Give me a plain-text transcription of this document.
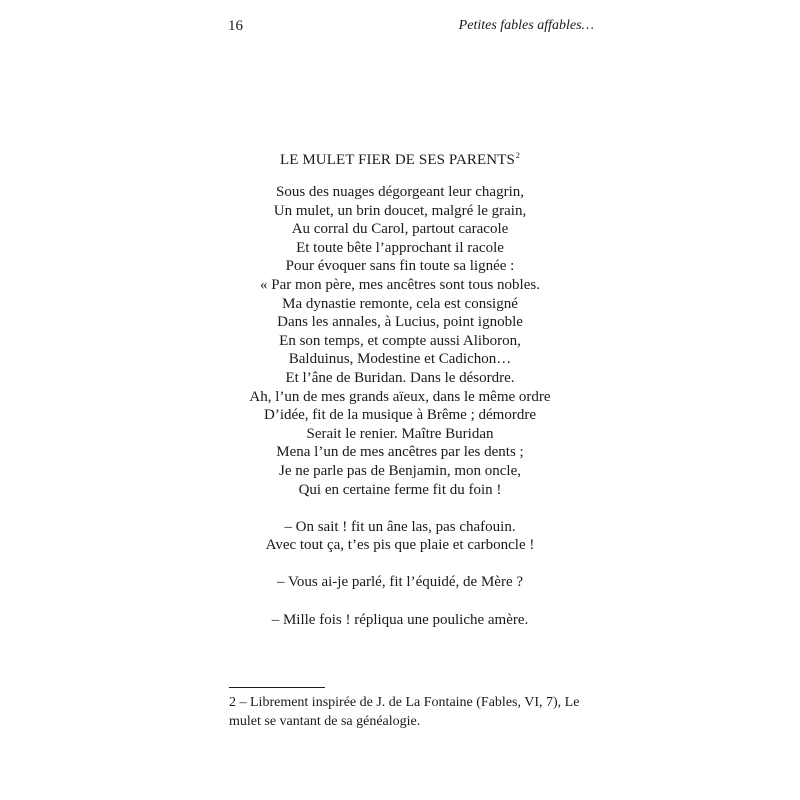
16	Petites fables affables…
LE MULET FIER DE SES PARENTS$^2$
Sous des nuages dégorgeant leur chagrin,
Un mulet, un brin doucet, malgré le grain,
Au corral du Carol, partout caracole
Et toute bête l’approchant il racole
Pour évoquer sans fin toute sa lignée :
« Par mon père, mes ancêtres sont tous nobles.
Ma dynastie remonte, cela est consigné
Dans les annales, à Lucius, point ignoble
En son temps, et compte aussi Aliboron,
Balduinus, Modestine et Cadichon…
Et l’âne de Buridan. Dans le désordre.
Ah, l’un de mes grands aïeux, dans le même ordre
D’idée, fit de la musique à Brême ; démordre
Serait le renier. Maître Buridan
Mena l’un de mes ancêtres par les dents ;
Je ne parle pas de Benjamin, mon oncle,
Qui en certaine ferme fit du foin !
– On sait ! fit un âne las, pas chafouin.
Avec tout ça, t’es pis que plaie et carboncle !
– Vous ai-je parlé, fit l’équidé, de Mère ?
– Mille fois ! répliqua une pouliche amère.
2 – Librement inspirée de J. de La Fontaine (Fables, VI, 7), Le mulet se vantant de sa généalogie.
